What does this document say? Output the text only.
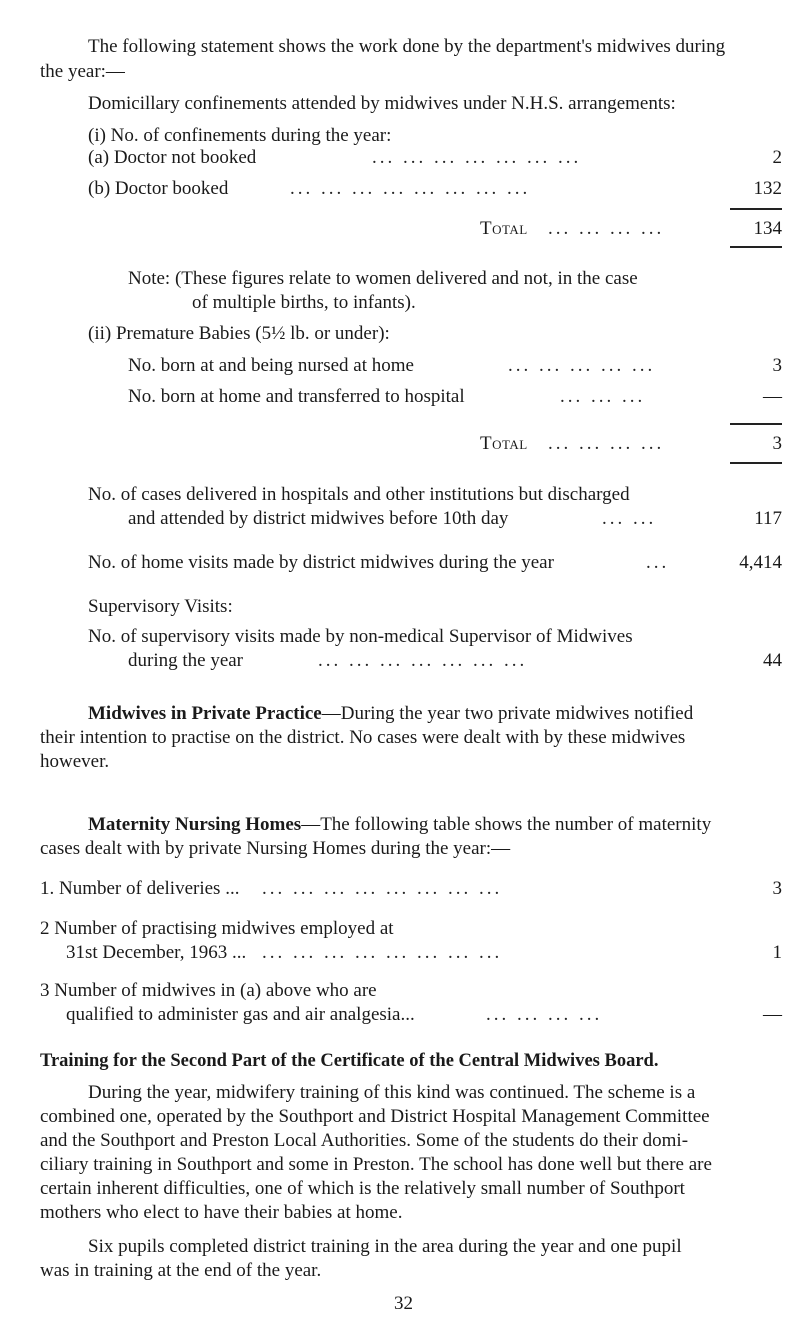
The following statement shows the work done by the department's midwives during
the year:—
Domicillary confinements attended by midwives under N.H.S. arrangements:
(i) No. of confinements during the year:
(a) Doctor not booked	... ... ... ... ... ... ...	2
(b) Doctor booked	... ... ... ... ... ... ... ...	132
Total ... ... ... ...	134
Note: (These figures relate to women delivered and not, in the case
of multiple births, to infants).
(ii) Premature Babies (5½ lb. or under):
No. born at and being nursed at home	... ... ... ... ...	3
No. born at home and transferred to hospital	... ... ...	—
Total ... ... ... ...	3
No. of cases delivered in hospitals and other institutions but discharged
and attended by district midwives before 10th day	... ...	117
No. of home visits made by district midwives during the year	...	4,414
Supervisory Visits:
No. of supervisory visits made by non-medical Supervisor of Midwives
during the year	... ... ... ... ... ... ...	44
Midwives in Private Practice—During the year two private midwives notified
their intention to practise on the district. No cases were dealt with by these midwives
however.
Maternity Nursing Homes—The following table shows the number of maternity
cases dealt with by private Nursing Homes during the year:—
1. Number of deliveries ... ... ... ... ... ... ... ... ...	3
2 Number of practising midwives employed at
31st December, 1963 ... ... ... ... ... ... ... ... ...	1
3 Number of midwives in (a) above who are
qualified to administer gas and air analgesia...	... ... ... ...	—
Training for the Second Part of the Certificate of the Central Midwives Board.
During the year, midwifery training of this kind was continued. The scheme is a
combined one, operated by the Southport and District Hospital Management Committee
and the Southport and Preston Local Authorities. Some of the students do their domi-
ciliary training in Southport and some in Preston. The school has done well but there are
certain inherent difficulties, one of which is the relatively small number of Southport
mothers who elect to have their babies at home.
Six pupils completed district training in the area during the year and one pupil
was in training at the end of the year.
32
